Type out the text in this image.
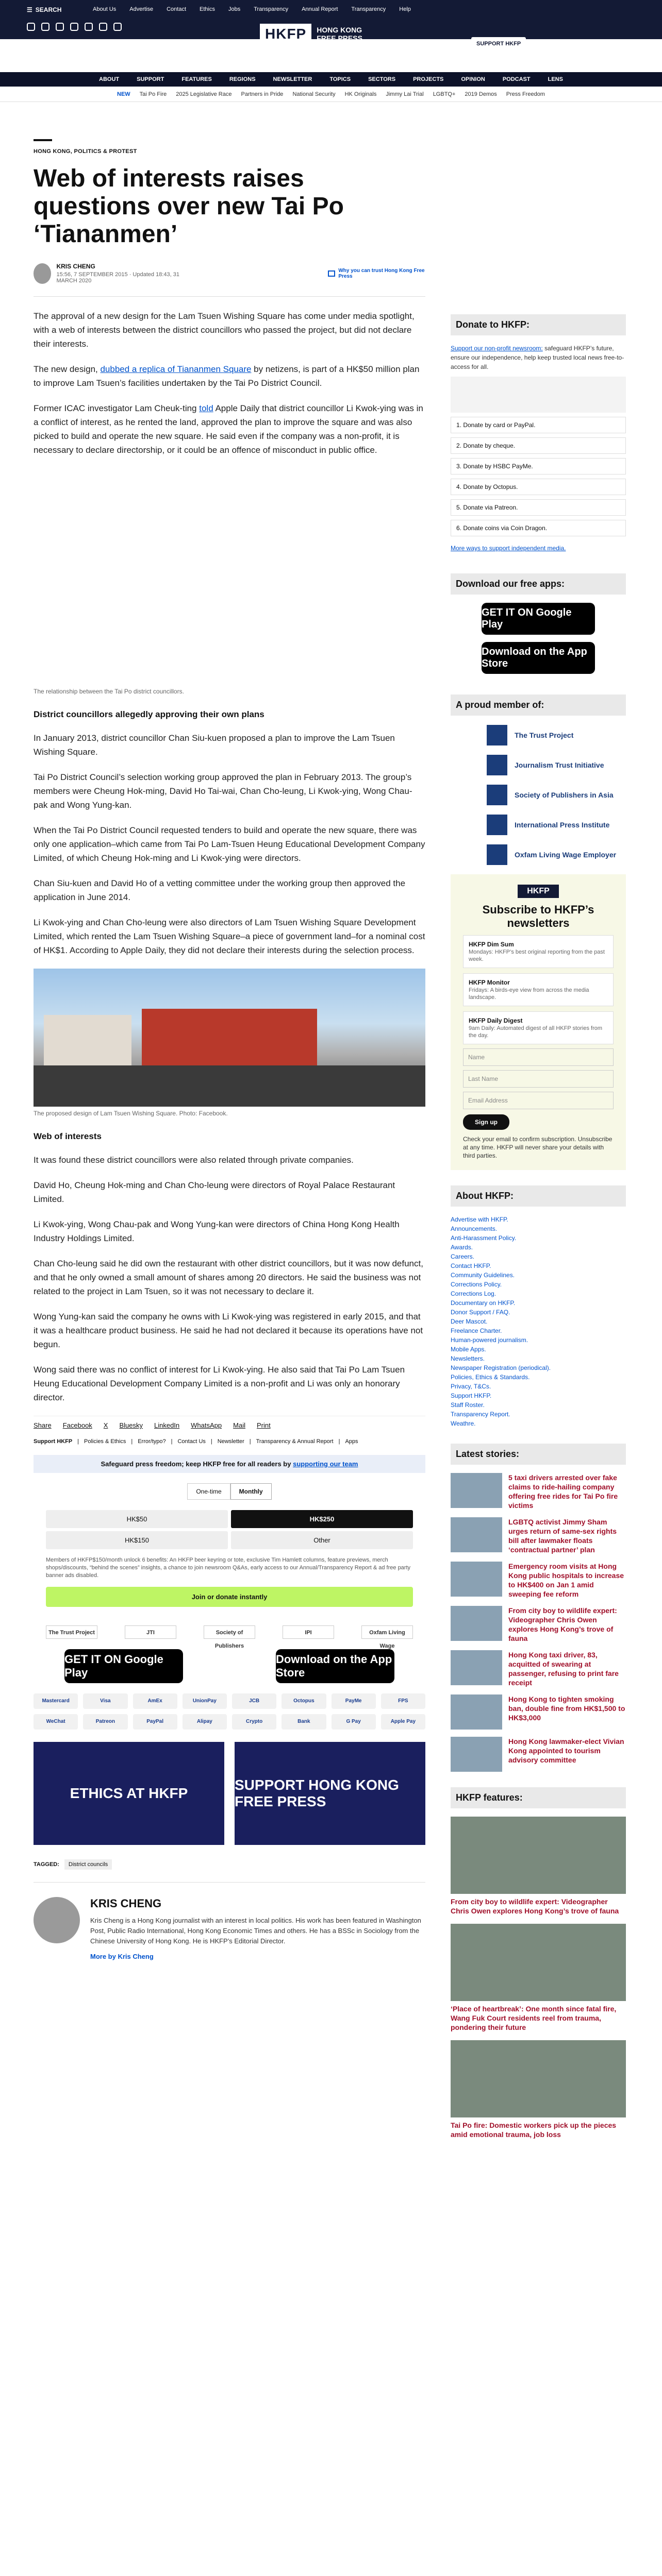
☰ SEARCH	About Us Advertise Contact Ethics Jobs Transparency Annual Report Transparency Help
HKFP	HONG KONG
FREE PRESS
SUPPORT HKFP	ETHICS	Login ⌕
ABOUT	SUPPORT	FEATURES	REGIONS	NEWSLETTER	TOPICS	SECTORS	PROJECTS	OPINION	PODCAST	LENS
NEW Tai Po Fire 2025 Legislative Race Partners in Pride National Security HK Originals Jimmy Lai Trial LGBTQ+ 2019 Demos Press Freedom
HONG KONG, POLITICS & PROTEST
Web of interests raises questions over new Tai Po ‘Tiananmen’
KRIS CHENG
15:56, 7 SEPTEMBER 2015 · Updated 18:43, 31 MARCH 2020
Why you can trust Hong Kong Free Press

The approval of a new design for the Lam Tsuen Wishing Square has come under media spotlight, with a web of interests between the district councillors who passed the project, but did not declare their interests.

The new design, dubbed a replica of Tiananmen Square by netizens, is part of a HK$50 million plan to improve Lam Tsuen’s facilities undertaken by the Tai Po District Council.

Former ICAC investigator Lam Cheuk-ting told Apple Daily that district councillor Li Kwok-ying was in a conflict of interest, as he rented the land, approved the plan to improve the square and was also picked to build and operate the new square. He said even if the company was a non-profit, it is necessary to declare directorship, or it could be an offence of misconduct in public office.

The relationship between the Tai Po district councillors.
District councillors allegedly approving their own plans

In January 2013, district councillor Chan Siu-kuen proposed a plan to improve the Lam Tsuen Wishing Square.

Tai Po District Council’s selection working group approved the plan in February 2013. The group’s members were Cheung Hok-ming, David Ho Tai-wai, Chan Cho-leung, Li Kwok-ying, Wong Chau-pak and Wong Yung-kan.

When the Tai Po District Council requested tenders to build and operate the new square, there was only one application–which came from Tai Po Lam-Tsuen Heung Educational Development Company Limited, of which Cheung Hok-ming and Li Kwok-ying were directors.

Chan Siu-kuen and David Ho of a vetting committee under the working group then approved the application in June 2014.

Li Kwok-ying and Chan Cho-leung were also directors of Lam Tsuen Wishing Square Development Limited, which rented the Lam Tsuen Wishing Square–a piece of government land–for a nominal cost of HK$1. According to Apple Daily, they did not declare their interests during the selection process.

The proposed design of Lam Tsuen Wishing Square. Photo: Facebook.
Web of interests

It was found these district councillors were also related through private companies.

David Ho, Cheung Hok-ming and Chan Cho-leung were directors of Royal Palace Restaurant Limited.

Li Kwok-ying, Wong Chau-pak and Wong Yung-kan were directors of China Hong Kong Health Industry Holdings Limited.

Chan Cho-leung said he did own the restaurant with other district councillors, but it was now defunct, and that he only owned a small amount of shares among 20 directors. He said the business was not related to the project in Lam Tsuen, so it was not necessary to declare it.

Wong Yung-kan said the company he owns with Li Kwok-ying was registered in early 2015, and that it was a healthcare product business. He said he had not declared it because its operations have not begun.

Wong said there was no conflict of interest for Li Kwok-ying. He also said that Tai Po Lam Tsuen Heung Educational Development Company Limited is a non-profit and Li was only an honorary director.

Share Facebook X Bluesky LinkedIn WhatsApp Mail Print
Support HKFP | Policies & Ethics | Error/typo? | Contact Us | Newsletter | Transparency & Annual Report | Apps
Safeguard press freedom; keep HKFP free for all readers by supporting our team
One-time	Monthly
HK$50	HK$250
HK$150	Other
Members of HKFP$150/month unlock 6 benefits: An HKFP beer keyring or tote, exclusive Tim Hamlett columns, feature previews, merch shops/discounts, “behind the scenes” insights, a chance to join newsroom Q&As, early access to our Annual/Transparency Report & ad free party banner ads disabled.
Join or donate instantly
The Trust Project	JTI	Society of Publishers
IPI	Oxfam Living Wage
GET IT ON Google Play
Download on the App Store
Mastercard	Visa	AmEx	UnionPay	JCB	Octopus	PayMe	FPS
WeChat	Patreon	PayPal	Alipay	Crypto	Bank	G Pay	Apple Pay
ETHICS AT HKFP
SUPPORT HONG KONG FREE PRESS
TAGGED:	District councils
KRIS CHENG
Kris Cheng is a Hong Kong journalist with an interest in local politics. His work has been featured in Washington Post, Public Radio International, Hong Kong Economic Times and others. He has a BSSc in Sociology from the Chinese University of Hong Kong. He is HKFP’s Editorial Director.
More by Kris Cheng
Donate to HKFP:
Support our non-profit newsroom: safeguard HKFP’s future, ensure our independence, help keep trusted local news free-to-access for all.
1. Donate by card or PayPal.
2. Donate by cheque.
3. Donate by HSBC PayMe.
4. Donate by Octopus.
5. Donate via Patreon.
6. Donate coins via Coin Dragon.
More ways to support independent media.
Download our free apps:
GET IT ON Google Play
Download on the App Store
A proud member of:
The Trust Project
Journalism Trust Initiative
Society of Publishers in Asia
International Press Institute
Oxfam Living Wage Employer
HKFP
Subscribe to HKFP’s newsletters
HKFP Dim Sum
Mondays: HKFP’s best original reporting from the past week.
HKFP Monitor
Fridays: A birds-eye view from across the media landscape.
HKFP Daily Digest
9am Daily: Automated digest of all HKFP stories from the day.
Name
Last Name
Email Address
Sign up
Check your email to confirm subscription. Unsubscribe at any time. HKFP will never share your details with third parties.
About HKFP:
Advertise with HKFP.
Announcements.
Anti-Harassment Policy.
Awards.
Careers.
Contact HKFP.
Community Guidelines.
Corrections Policy.
Corrections Log.
Documentary on HKFP.
Donor Support / FAQ.
Deer Mascot.
Freelance Charter.
Human-powered journalism.
Mobile Apps.
Newsletters.
Newspaper Registration (periodical).
Policies, Ethics & Standards.
Privacy, T&Cs.
Support HKFP.
Staff Roster.
Transparency Report.
Weathre.
Latest stories:
5 taxi drivers arrested over fake claims to ride-hailing company offering free rides for Tai Po fire victims
LGBTQ activist Jimmy Sham urges return of same-sex rights bill after lawmaker floats ‘contractual partner’ plan
Emergency room visits at Hong Kong public hospitals to increase to HK$400 on Jan 1 amid sweeping fee reform
From city boy to wildlife expert: Videographer Chris Owen explores Hong Kong’s trove of fauna
Hong Kong taxi driver, 83, acquitted of swearing at passenger, refusing to print fare receipt
Hong Kong to tighten smoking ban, double fine from HK$1,500 to HK$3,000
Hong Kong lawmaker-elect Vivian Kong appointed to tourism advisory committee
HKFP features:
From city boy to wildlife expert: Videographer Chris Owen explores Hong Kong’s trove of fauna
‘Place of heartbreak’: One month since fatal fire, Wang Fuk Court residents reel from trauma, pondering their future
Tai Po fire: Domestic workers pick up the pieces amid emotional trauma, job loss
